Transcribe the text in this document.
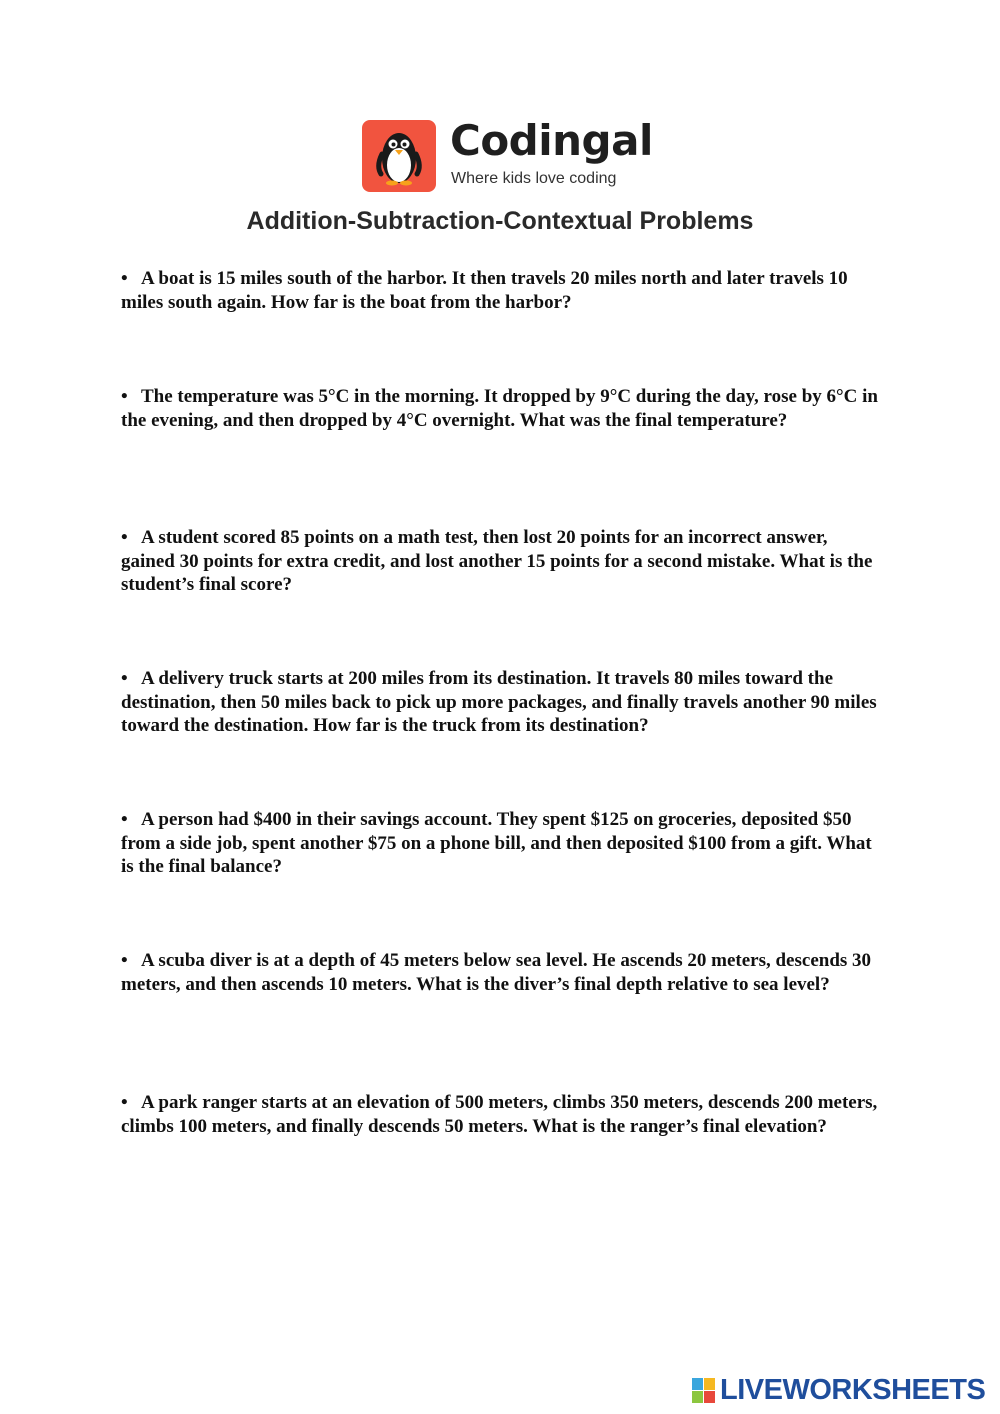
Codingal
Where kids love coding
Addition-Subtraction-Contextual Problems

• A boat is 15 miles south of the harbor. It then travels 20 miles north and later travels 10 miles south again. How far is the boat from the harbor?

• The temperature was 5°C in the morning. It dropped by 9°C during the day, rose by 6°C in the evening, and then dropped by 4°C overnight. What was the final temperature?

• A student scored 85 points on a math test, then lost 20 points for an incorrect answer, gained 30 points for extra credit, and lost another 15 points for a second mistake. What is the student’s final score?

• A delivery truck starts at 200 miles from its destination. It travels 80 miles toward the destination, then 50 miles back to pick up more packages, and finally travels another 90 miles toward the destination. How far is the truck from its destination?

• A person had $400 in their savings account. They spent $125 on groceries, deposited $50 from a side job, spent another $75 on a phone bill, and then deposited $100 from a gift. What is the final balance?

• A scuba diver is at a depth of 45 meters below sea level. He ascends 20 meters, descends 30 meters, and then ascends 10 meters. What is the diver’s final depth relative to sea level?

• A park ranger starts at an elevation of 500 meters, climbs 350 meters, descends 200 meters, climbs 100 meters, and finally descends 50 meters. What is the ranger’s final elevation?

LIVEWORKSHEETS
